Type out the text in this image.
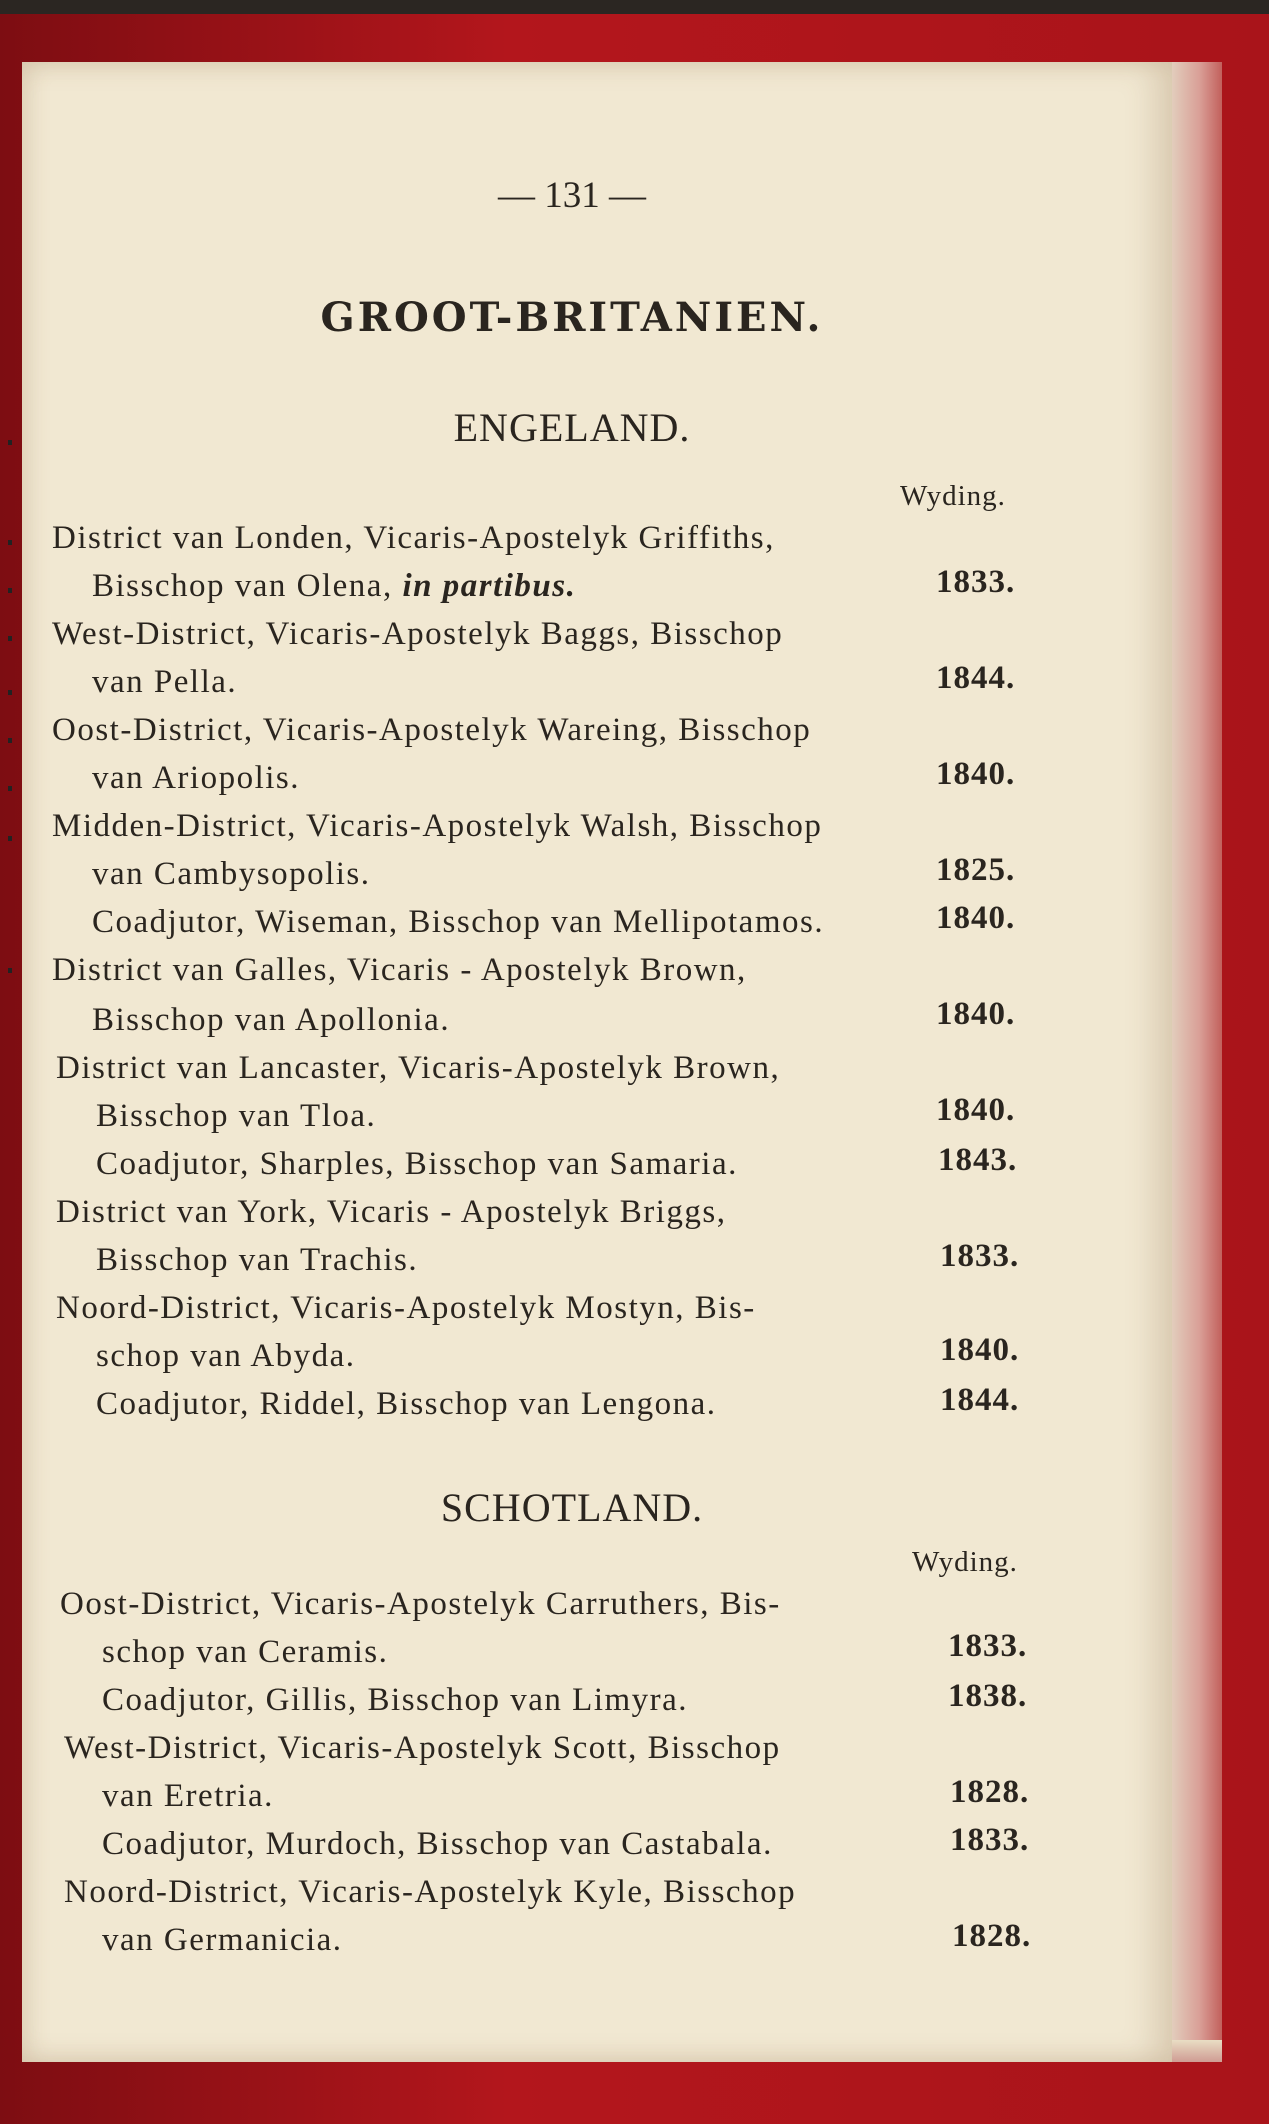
— 131 —
GROOT-BRITANIEN.
ENGELAND.
Wyding.
District van Londen, Vicaris-Apostelyk Griffiths,
Bisschop van Olena, in partibus.	1833.
West-District, Vicaris-Apostelyk Baggs, Bisschop
van Pella.	1844.
Oost-District, Vicaris-Apostelyk Wareing, Bisschop
van Ariopolis.	1840.
Midden-District, Vicaris-Apostelyk Walsh, Bisschop
van Cambysopolis.	1825.
Coadjutor, Wiseman, Bisschop van Mellipotamos.	1840.
District van Galles, Vicaris - Apostelyk Brown,
Bisschop van Apollonia.	1840.
District van Lancaster, Vicaris-Apostelyk Brown,
Bisschop van Tloa.	1840.
Coadjutor, Sharples, Bisschop van Samaria.	1843.
District van York, Vicaris - Apostelyk Briggs,
Bisschop van Trachis.	1833.
Noord-District, Vicaris-Apostelyk Mostyn, Bis-
schop van Abyda.	1840.
Coadjutor, Riddel, Bisschop van Lengona.	1844.
SCHOTLAND.
Wyding.
Oost-District, Vicaris-Apostelyk Carruthers, Bis-
schop van Ceramis.	1833.
Coadjutor, Gillis, Bisschop van Limyra.	1838.
West-District, Vicaris-Apostelyk Scott, Bisschop
van Eretria.	1828.
Coadjutor, Murdoch, Bisschop van Castabala.	1833.
Noord-District, Vicaris-Apostelyk Kyle, Bisschop
van Germanicia.	1828.
